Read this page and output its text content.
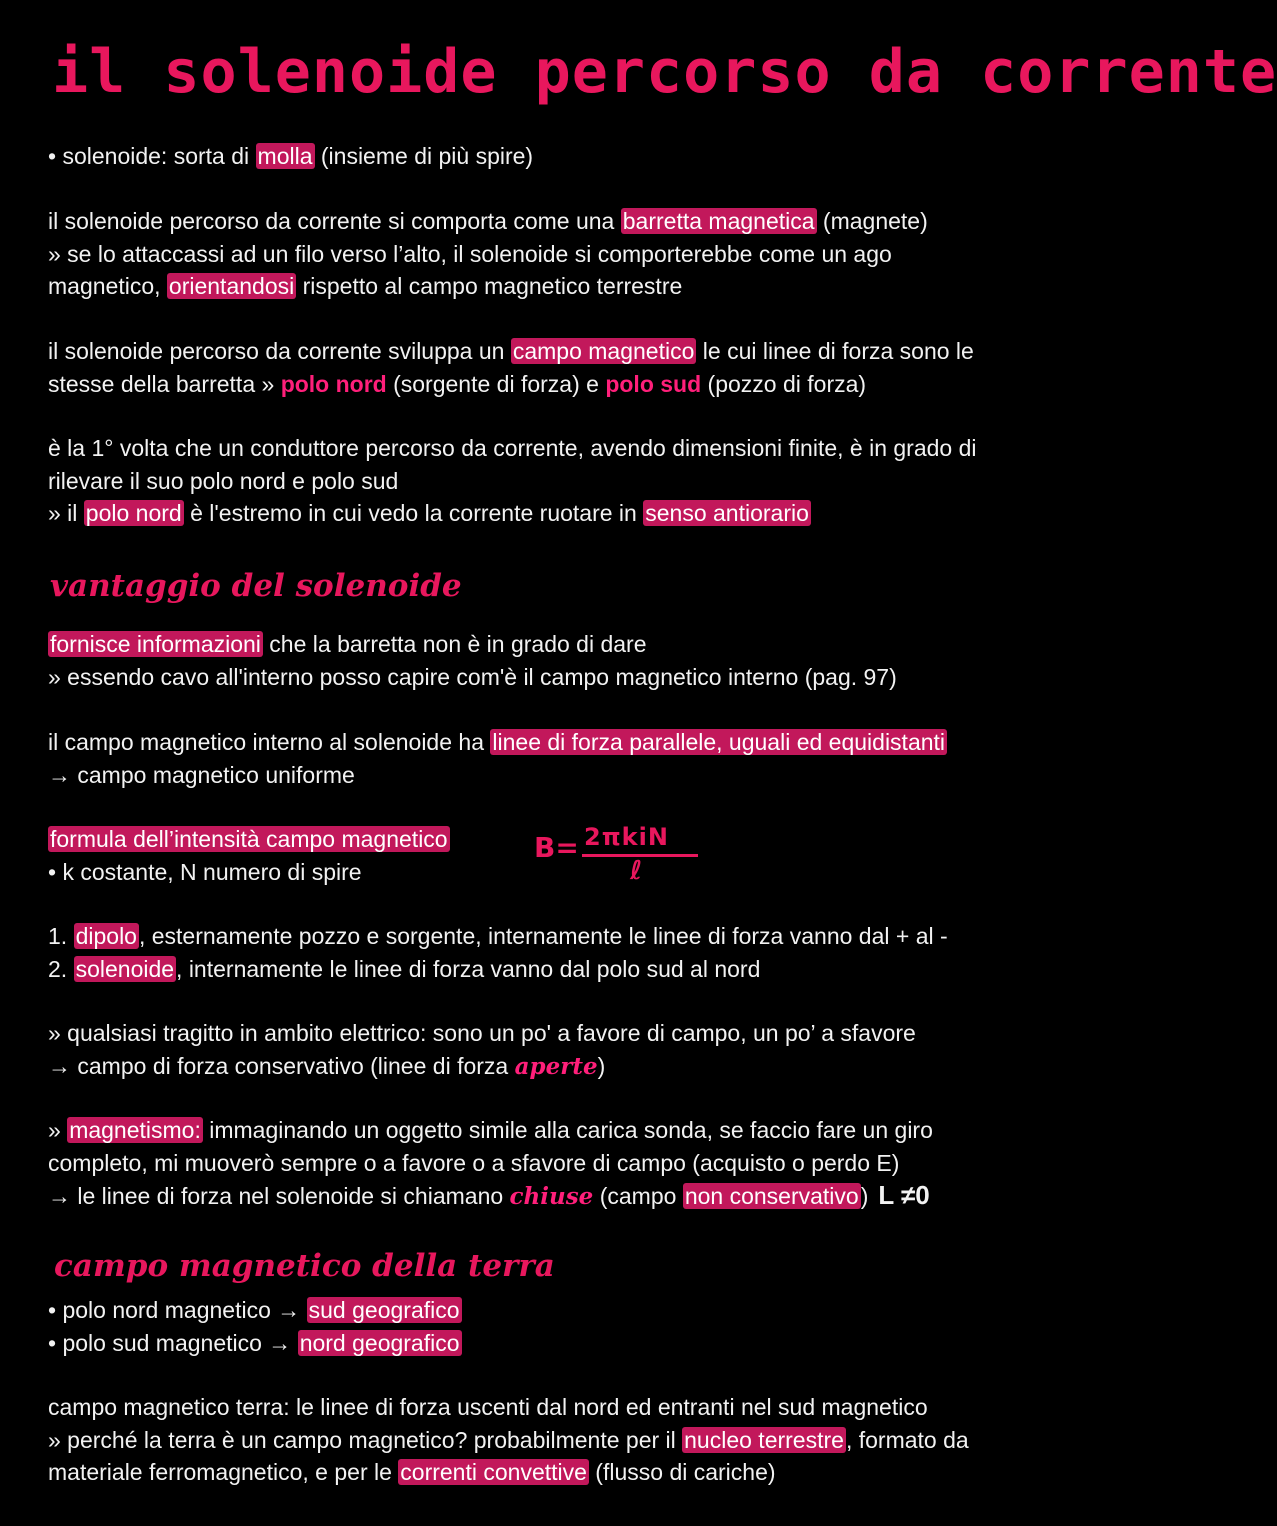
il solenoide percorso da corrente
• solenoide: sorta di molla (insieme di più spire)
il solenoide percorso da corrente si comporta come una barretta magnetica (magnete)
» se lo attaccassi ad un filo verso l’alto, il solenoide si comporterebbe come un ago
magnetico, orientandosi rispetto al campo magnetico terrestre
il solenoide percorso da corrente sviluppa un campo magnetico le cui linee di forza sono le
stesse della barretta » polo nord (sorgente di forza) e polo sud (pozzo di forza)
è la 1° volta che un conduttore percorso da corrente, avendo dimensioni finite, è in grado di
rilevare il suo polo nord e polo sud
» il polo nord è l'estremo in cui vedo la corrente ruotare in senso antiorario
vantaggio del solenoide
fornisce informazioni che la barretta non è in grado di dare
» essendo cavo all'interno posso capire com'è il campo magnetico interno (pag. 97)
il campo magnetico interno al solenoide ha linee di forza parallele, uguali ed equidistanti
→ campo magnetico uniforme
formula dell’intensità campo magnetico
• k costante, N numero di spire
B= 2πkiN
ℓ
1. dipolo, esternamente pozzo e sorgente, internamente le linee di forza vanno dal + al -
2. solenoide, internamente le linee di forza vanno dal polo sud al nord
» qualsiasi tragitto in ambito elettrico: sono un po' a favore di campo, un po’ a sfavore
→ campo di forza conservativo (linee di forza aperte)
» magnetismo: immaginando un oggetto simile alla carica sonda, se faccio fare un giro
completo, mi muoverò sempre o a favore o a sfavore di campo (acquisto o perdo E)
→ le linee di forza nel solenoide si chiamano chiuse (campo non conservativo) L ≠0
campo magnetico della terra
• polo nord magnetico → sud geografico
• polo sud magnetico → nord geografico
campo magnetico terra: le linee di forza uscenti dal nord ed entranti nel sud magnetico
» perché la terra è un campo magnetico? probabilmente per il nucleo terrestre, formato da
materiale ferromagnetico, e per le correnti convettive (flusso di cariche)
